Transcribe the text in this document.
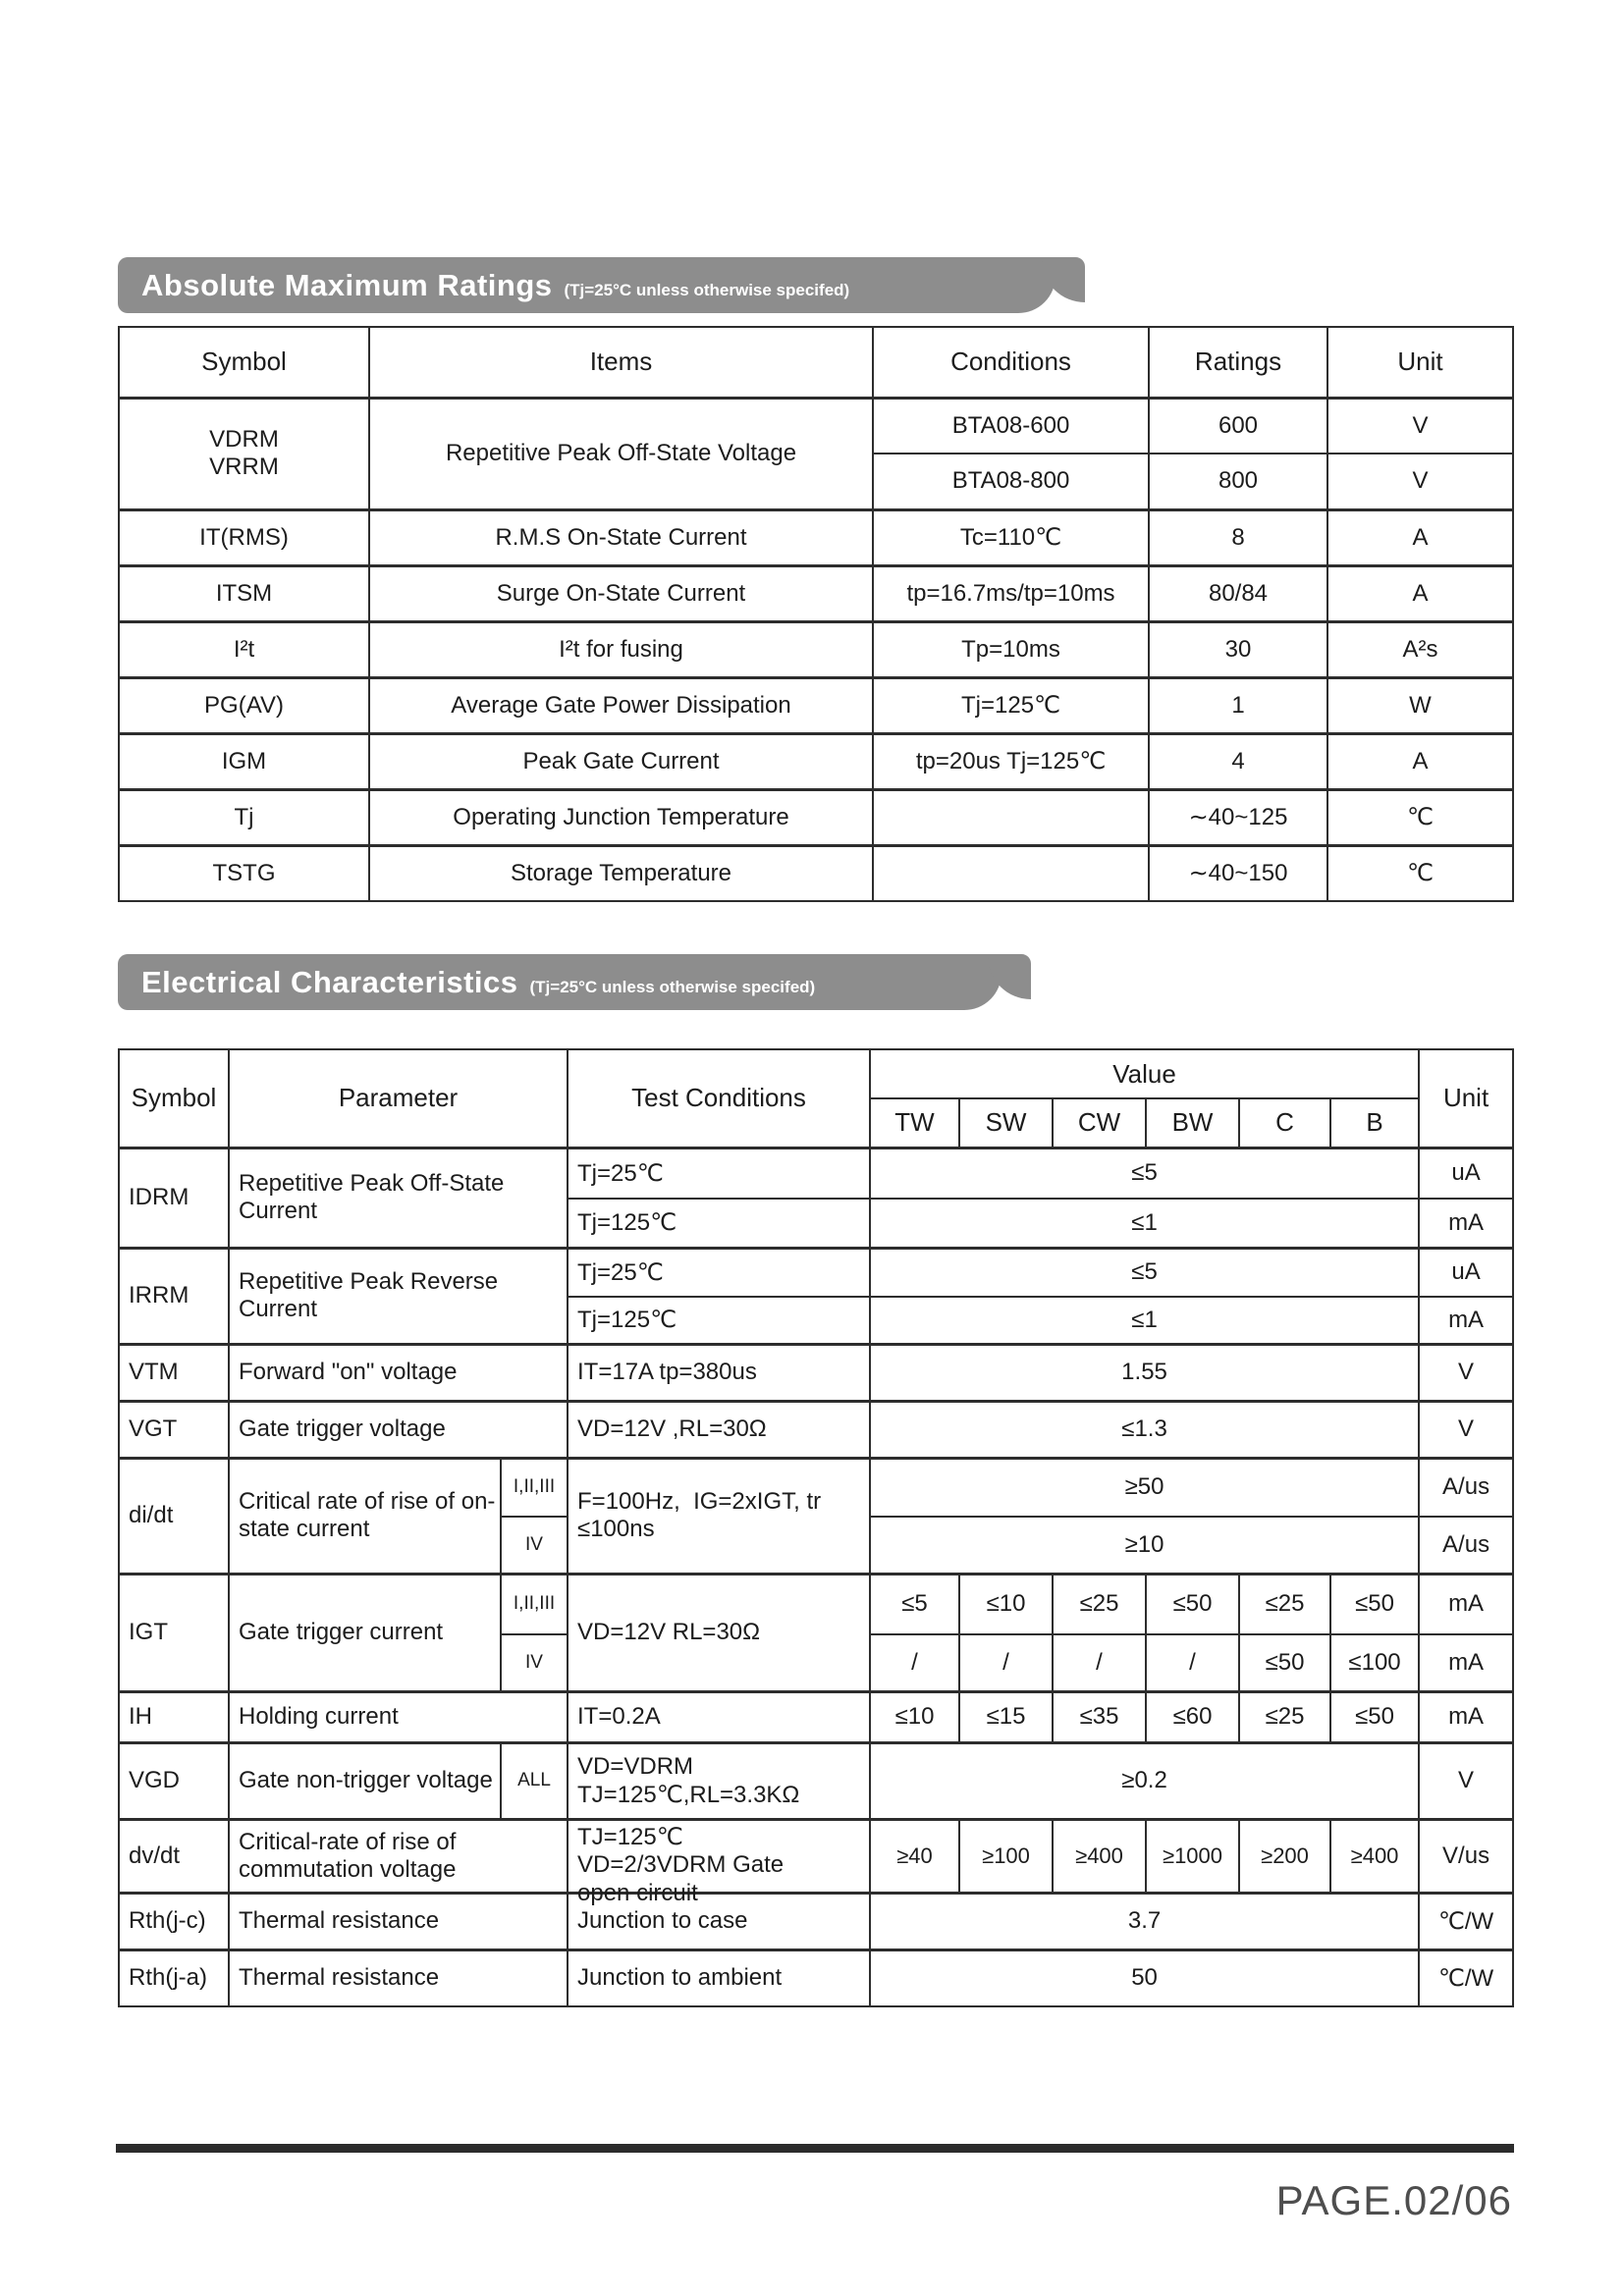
Absolute Maximum Ratings (Tj=25°C unless otherwise specifed)
Symbol	Items	Conditions	Ratings	Unit

VDRM
VRRM	Repetitive Peak Off-State Voltage	BTA08-600	600	V
		BTA08-800	800	V
IT(RMS)	R.M.S On-State Current	Tc=110℃	8	A
ITSM	Surge On-State Current	tp=16.7ms/tp=10ms	80/84	A
I²t	I²t for fusing	Tp=10ms	30	A²s
PG(AV)	Average Gate Power Dissipation	Tj=125℃	1	W
IGM	Peak Gate Current	tp=20us Tj=125℃	4	A
Tj	Operating Junction Temperature		∼40~125	℃
TSTG	Storage Temperature		∼40~150	℃
Electrical Characteristics (Tj=25°C unless otherwise specifed)
Symbol	Parameter		Test Conditions	Value						Unit
				TW	SW	CW	BW	C	B	
IDRM	Repetitive Peak Off-State Current		Tj=25℃	≤5						uA
			Tj=125℃	≤1						mA
IRRM	Repetitive Peak Reverse Current		Tj=25℃	≤5						uA
			Tj=125℃	≤1						mA
VTM	Forward "on" voltage		IT=17A tp=380us	1.55						V
VGT	Gate trigger voltage		VD=12V ,RL=30Ω	≤1.3						V
di/dt	Critical rate of rise of on-state current	I,II,III	F=100Hz,  IG=2xIGT, tr
≤100ns	≥50						A/us
		IV		≥10						A/us
IGT	Gate trigger current	I,II,III	VD=12V RL=30Ω	≤5	≤10	≤25	≤50	≤25	≤50	mA
		IV		/	/	/	/	≤50	≤100	mA
IH	Holding current		IT=0.2A	≤10	≤15	≤35	≤60	≤25	≤50	mA
VGD	Gate non-trigger voltage	ALL	VD=VDRM
TJ=125℃,RL=3.3KΩ	≥0.2						V
dv/dt	Critical-rate of rise of commutation voltage		TJ=125℃
VD=2/3VDRM Gate
open circuit	≥40	≥100	≥400	≥1000	≥200	≥400	V/us
Rth(j-c)	Thermal resistance		Junction to case	3.7						℃/W
Rth(j-a)	Thermal resistance		Junction to ambient	50						℃/W
PAGE.02/06
